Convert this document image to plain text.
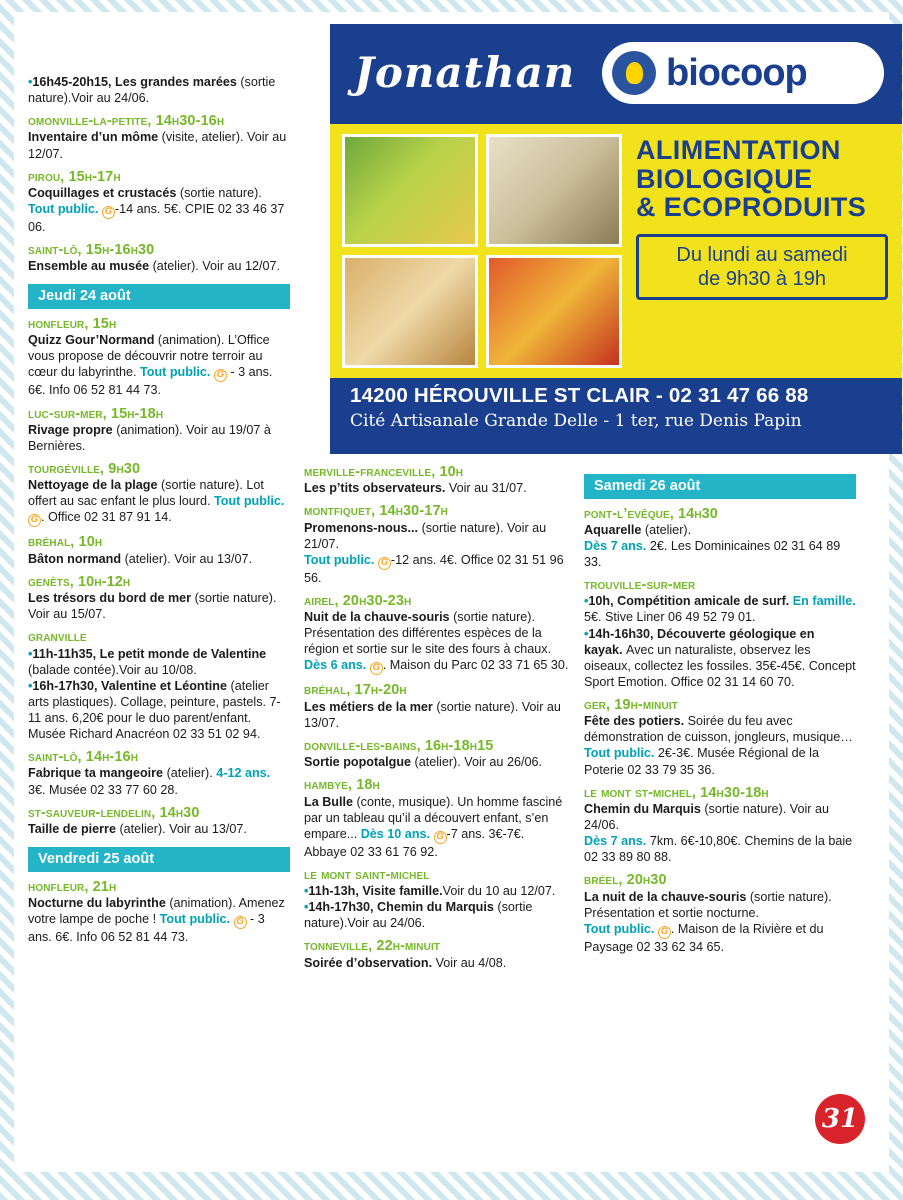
Jonathan biocoop
ALIMENTATION
BIOLOGIQUE
& ECOPRODUITS
Du lundi au samedi
de 9h30 à 19h
14200 HÉROUVILLE ST CLAIR - 02 31 47 66 88
Cité Artisanale Grande Delle - 1 ter, rue Denis Papin
•16h45-20h15, Les grandes marées (sortie nature).Voir au 24/06.
omonville-la-petite, 14h30-16h
Inventaire d’un môme (visite, atelier). Voir au 12/07.
pirou, 15h-17h
Coquillages et crustacés (sortie nature). Tout public. G -14 ans. 5€. CPIE 02 33 46 37 06.
saint-lô, 15h-16h30
Ensemble au musée (atelier). Voir au 12/07.
Jeudi 24 août
honfleur, 15h
Quizz Gour’Normand (animation). L’Office vous propose de découvrir notre terroir au cœur du labyrinthe. Tout public. G - 3 ans. 6€. Info 06 52 81 44 73.
luc-sur-mer, 15h-18h
Rivage propre (animation). Voir au 19/07 à Bernières.
tourgéville, 9h30
Nettoyage de la plage (sortie nature). Lot offert au sac enfant le plus lourd. Tout public. G . Office 02 31 87 91 14.
bréhal, 10h
Bâton normand (atelier). Voir au 13/07.
genêts, 10h-12h
Les trésors du bord de mer (sortie nature). Voir au 15/07.
granville
•11h-11h35, Le petit monde de Valentine (balade contée).Voir au 10/08.
•16h-17h30, Valentine et Léontine (atelier arts plastiques). Collage, peinture, pastels. 7-11 ans. 6,20€ pour le duo parent/enfant. Musée Richard Anacréon 02 33 51 02 94.
saint-lô, 14h-16h
Fabrique ta mangeoire (atelier). 4-12 ans. 3€. Musée 02 33 77 60 28.
st-sauveur-lendelin, 14h30
Taille de pierre (atelier). Voir au 13/07.
Vendredi 25 août
honfleur, 21h
Nocturne du labyrinthe (animation). Amenez votre lampe de poche ! Tout public. G - 3 ans. 6€. Info 06 52 81 44 73.
merville-franceville, 10h
Les p’tits observateurs. Voir au 31/07.
montfiquet, 14h30-17h
Promenons-nous... (sortie nature). Voir au 21/07.
Tout public. G -12 ans. 4€. Office 02 31 51 96 56.
airel, 20h30-23h
Nuit de la chauve-souris (sortie nature). Présentation des différentes espèces de la région et sortie sur le site des fours à chaux. Dès 6 ans. G . Maison du Parc 02 33 71 65 30.
bréhal, 17h-20h
Les métiers de la mer (sortie nature). Voir au 13/07.
donville-les-bains, 16h-18h15
Sortie popotalgue (atelier). Voir au 26/06.
hambye, 18h
La Bulle (conte, musique). Un homme fasciné par un tableau qu’il a découvert enfant, s’en empare... Dès 10 ans. G -7 ans. 3€-7€. Abbaye 02 33 61 76 92.
le mont saint-michel
•11h-13h, Visite famille.Voir du 10 au 12/07.
•14h-17h30, Chemin du Marquis (sortie nature).Voir au 24/06.
tonneville, 22h-minuit
Soirée d’observation. Voir au 4/08.
Samedi 26 août
pont-l’evêque, 14h30
Aquarelle (atelier).
Dès 7 ans. 2€. Les Dominicaines 02 31 64 89 33.
trouville-sur-mer
•10h, Compétition amicale de surf. En famille. 5€. Stive Liner 06 49 52 79 01.
•14h-16h30, Découverte géologique en kayak. Avec un naturaliste, observez les oiseaux, collectez les fossiles. 35€-45€. Concept Sport Emotion. Office 02 31 14 60 70.
ger, 19h-minuit
Fête des potiers. Soirée du feu avec démonstration de cuisson, jongleurs, musique… Tout public. 2€-3€. Musée Régional de la Poterie 02 33 79 35 36.
le mont st-michel, 14h30-18h
Chemin du Marquis (sortie nature). Voir au 24/06.
Dès 7 ans. 7km. 6€-10,80€. Chemins de la baie 02 33 89 80 88.
bréel, 20h30
La nuit de la chauve-souris (sortie nature). Présentation et sortie nocturne.
Tout public. G . Maison de la Rivière et du Paysage 02 33 62 34 65.
31
